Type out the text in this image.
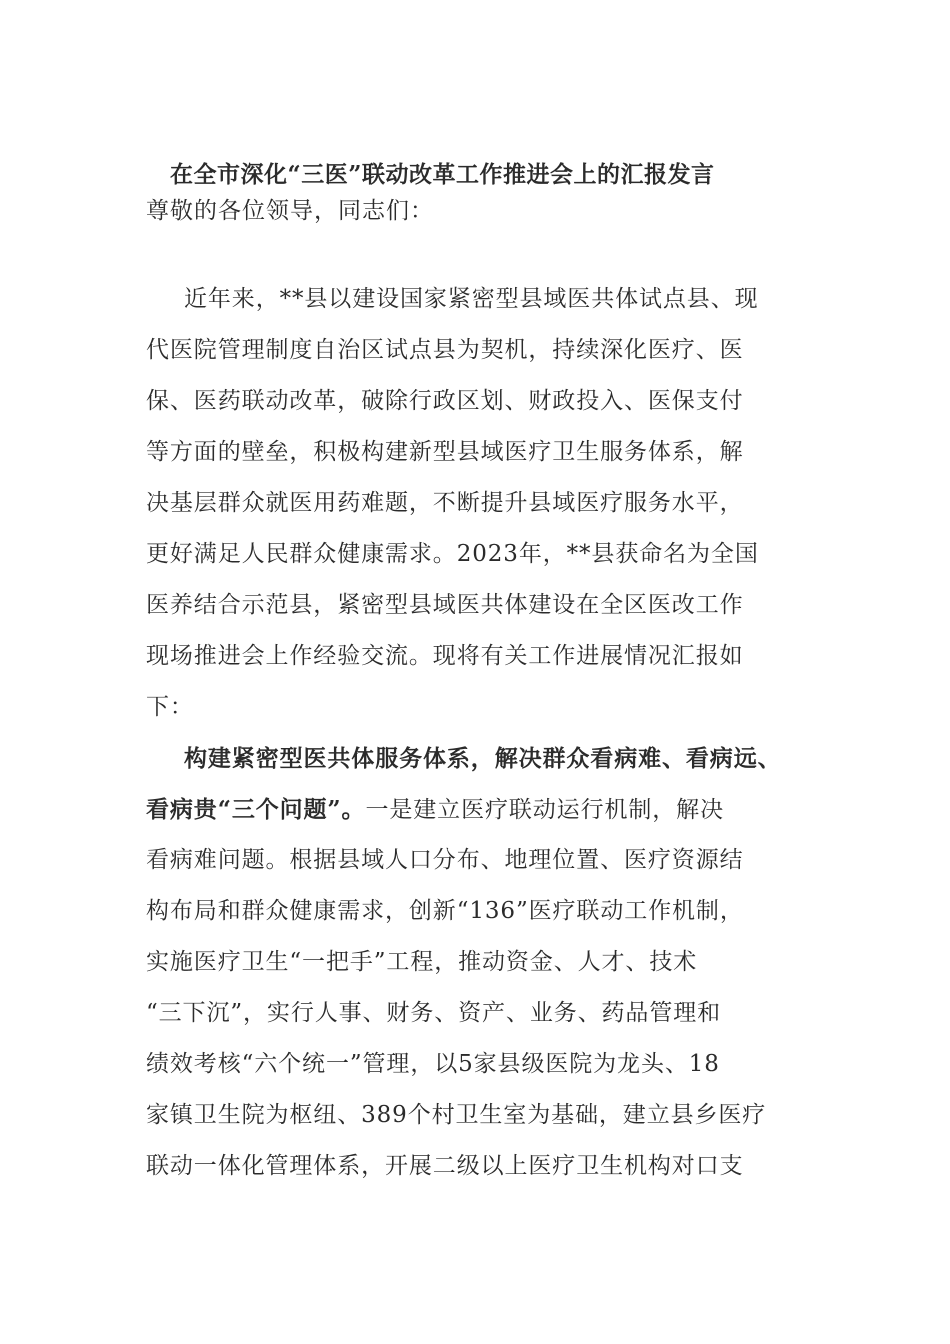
在全市深化“三医”联动改革工作推进会上的汇报发言
尊敬的各位领导，同志们：
近年来，**县以建设国家紧密型县域医共体试点县、现
代医院管理制度自治区试点县为契机，持续深化医疗、医
保、医药联动改革，破除行政区划、财政投入、医保支付
等方面的壁垒，积极构建新型县域医疗卫生服务体系，解
决基层群众就医用药难题，不断提升县域医疗服务水平，
更好满足人民群众健康需求。2023年，**县获命名为全国
医养结合示范县，紧密型县域医共体建设在全区医改工作
现场推进会上作经验交流。现将有关工作进展情况汇报如
下：
构建紧密型医共体服务体系，解决群众看病难、看病远、
看病贵“三个问题”。一是建立医疗联动运行机制，解决
看病难问题。根据县域人口分布、地理位置、医疗资源结
构布局和群众健康需求，创新“136”医疗联动工作机制，
实施医疗卫生“一把手”工程，推动资金、人才、技术
“三下沉”，实行人事、财务、资产、业务、药品管理和
绩效考核“六个统一”管理，以5家县级医院为龙头、18
家镇卫生院为枢纽、389个村卫生室为基础，建立县乡医疗
联动一体化管理体系，开展二级以上医疗卫生机构对口支
